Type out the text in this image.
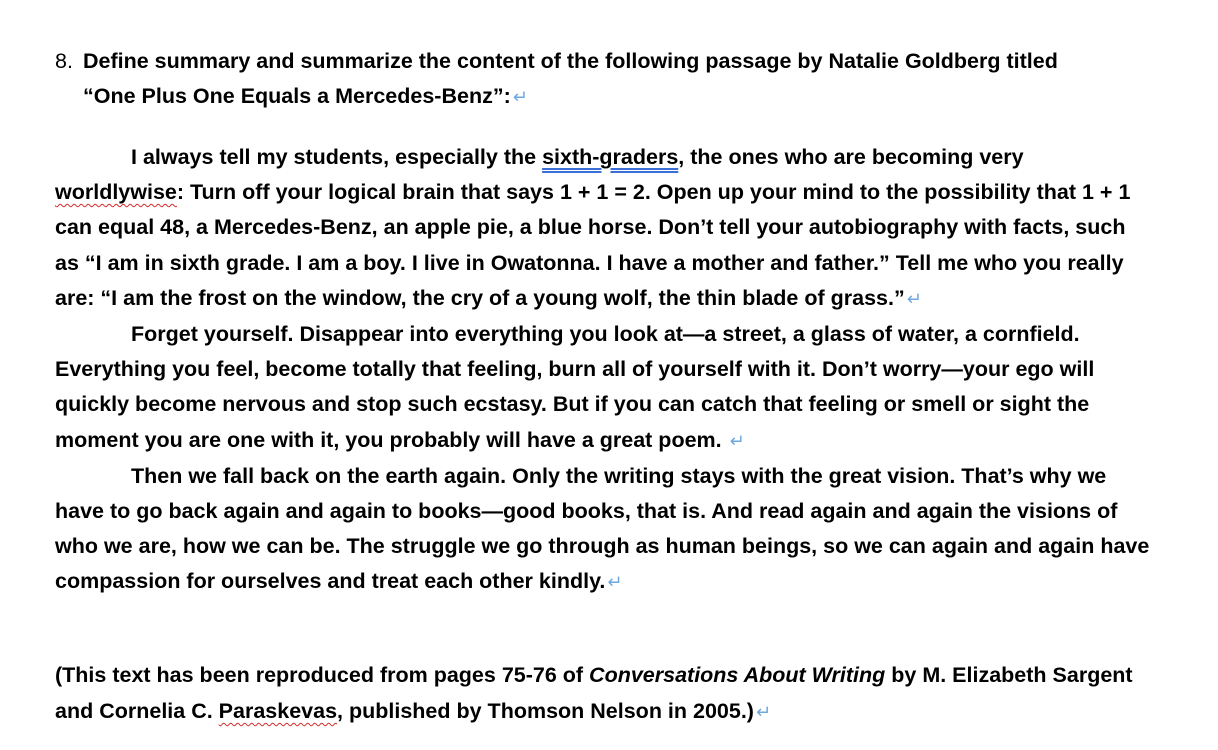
8. Define summary and summarize the content of the following passage by Natalie Goldberg titled
“One Plus One Equals a Mercedes-Benz”: ↵

I always tell my students, especially the sixth-graders, the ones who are becoming very worldlywise: Turn off your logical brain that says 1 + 1 = 2. Open up your mind to the possibility that 1 + 1 can equal 48, a Mercedes-Benz, an apple pie, a blue horse. Don’t tell your autobiography with facts, such as “I am in sixth grade. I am a boy. I live in Owatonna. I have a mother and father.” Tell me who you really are: “I am the frost on the window, the cry of a young wolf, the thin blade of grass.” ↵

Forget yourself. Disappear into everything you look at—a street, a glass of water, a cornfield. Everything you feel, become totally that feeling, burn all of yourself with it. Don’t worry—your ego will quickly become nervous and stop such ecstasy. But if you can catch that feeling or smell or sight the moment you are one with it, you probably will have a great poem. ↵

Then we fall back on the earth again. Only the writing stays with the great vision. That’s why we have to go back again and again to books—good books, that is. And read again and again the visions of who we are, how we can be. The struggle we go through as human beings, so we can again and again have compassion for ourselves and treat each other kindly. ↵

(This text has been reproduced from pages 75-76 of Conversations About Writing by M. Elizabeth Sargent and Cornelia C. Paraskevas, published by Thomson Nelson in 2005.) ↵
